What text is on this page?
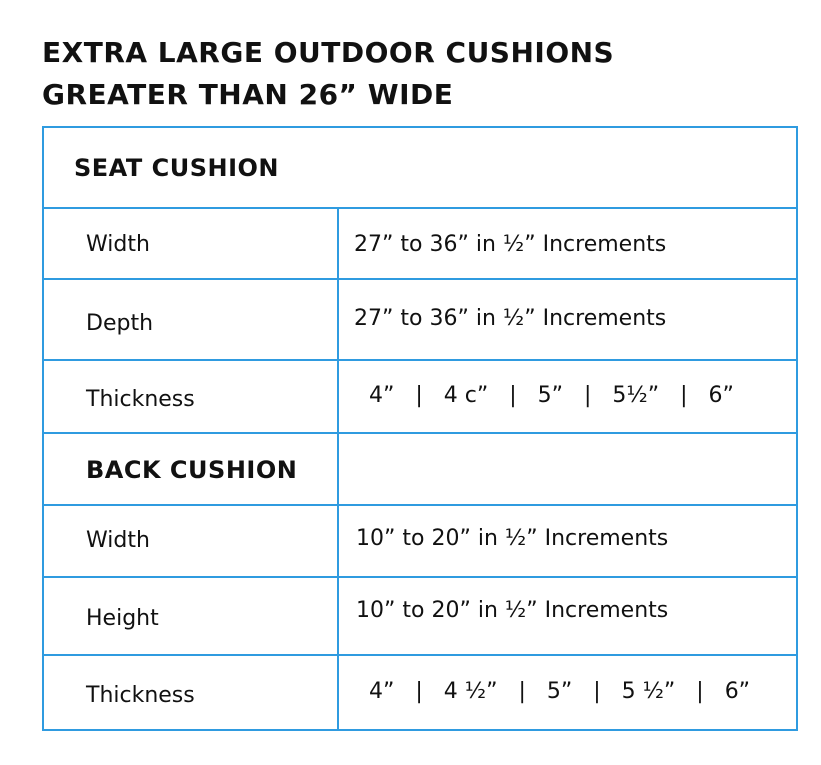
EXTRA LARGE OUTDOOR CUSHIONS
GREATER THAN 26” WIDE
SEAT CUSHION
Width	27” to 36” in ½” Increments
Depth	27” to 36” in ½” Increments
Thickness	4”   |   4 c”   |   5”   |   5½”   |   6”
BACK CUSHION
Width	10” to 20” in ½” Increments
Height	10” to 20” in ½” Increments
Thickness	4”   |   4 ½”   |   5”   |   5 ½”   |   6”
